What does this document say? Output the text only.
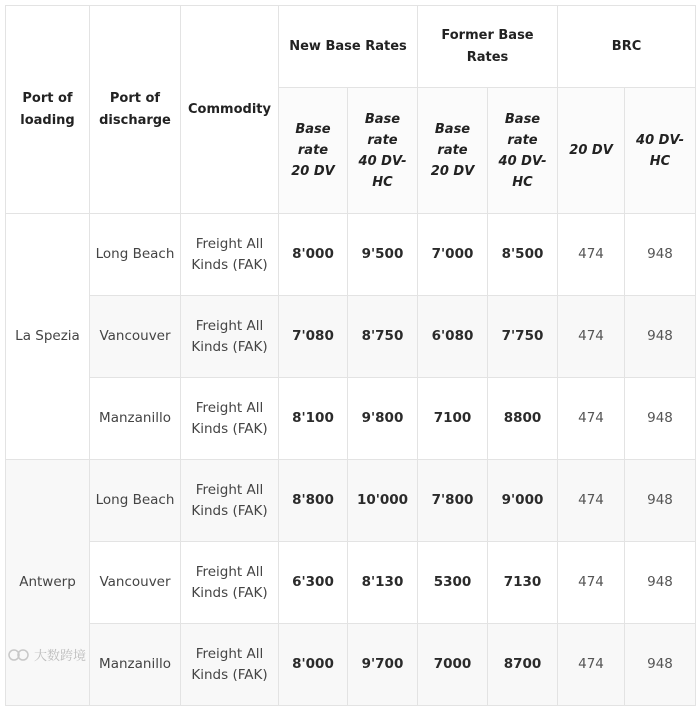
Port of loading	Port of discharge	Commodity	New Base Rates		Former Base Rates		BRC	
			Base rate 20 DV	Base rate 40 DV-HC	Base rate 20 DV	Base rate 40 DV-HC	20 DV	40 DV-HC
La Spezia	Long Beach	Freight All Kinds (FAK)	8'000	9'500	7'000	8'500	474	948
	Vancouver	Freight All Kinds (FAK)	7'080	8'750	6'080	7'750	474	948
	Manzanillo	Freight All Kinds (FAK)	8'100	9'800	7100	8800	474	948
Antwerp	Long Beach	Freight All Kinds (FAK)	8'800	10'000	7'800	9'000	474	948
	Vancouver	Freight All Kinds (FAK)	6'300	8'130	5300	7130	474	948
	Manzanillo	Freight All Kinds (FAK)	8'000	9'700	7000	8700	474	948
大数跨境
